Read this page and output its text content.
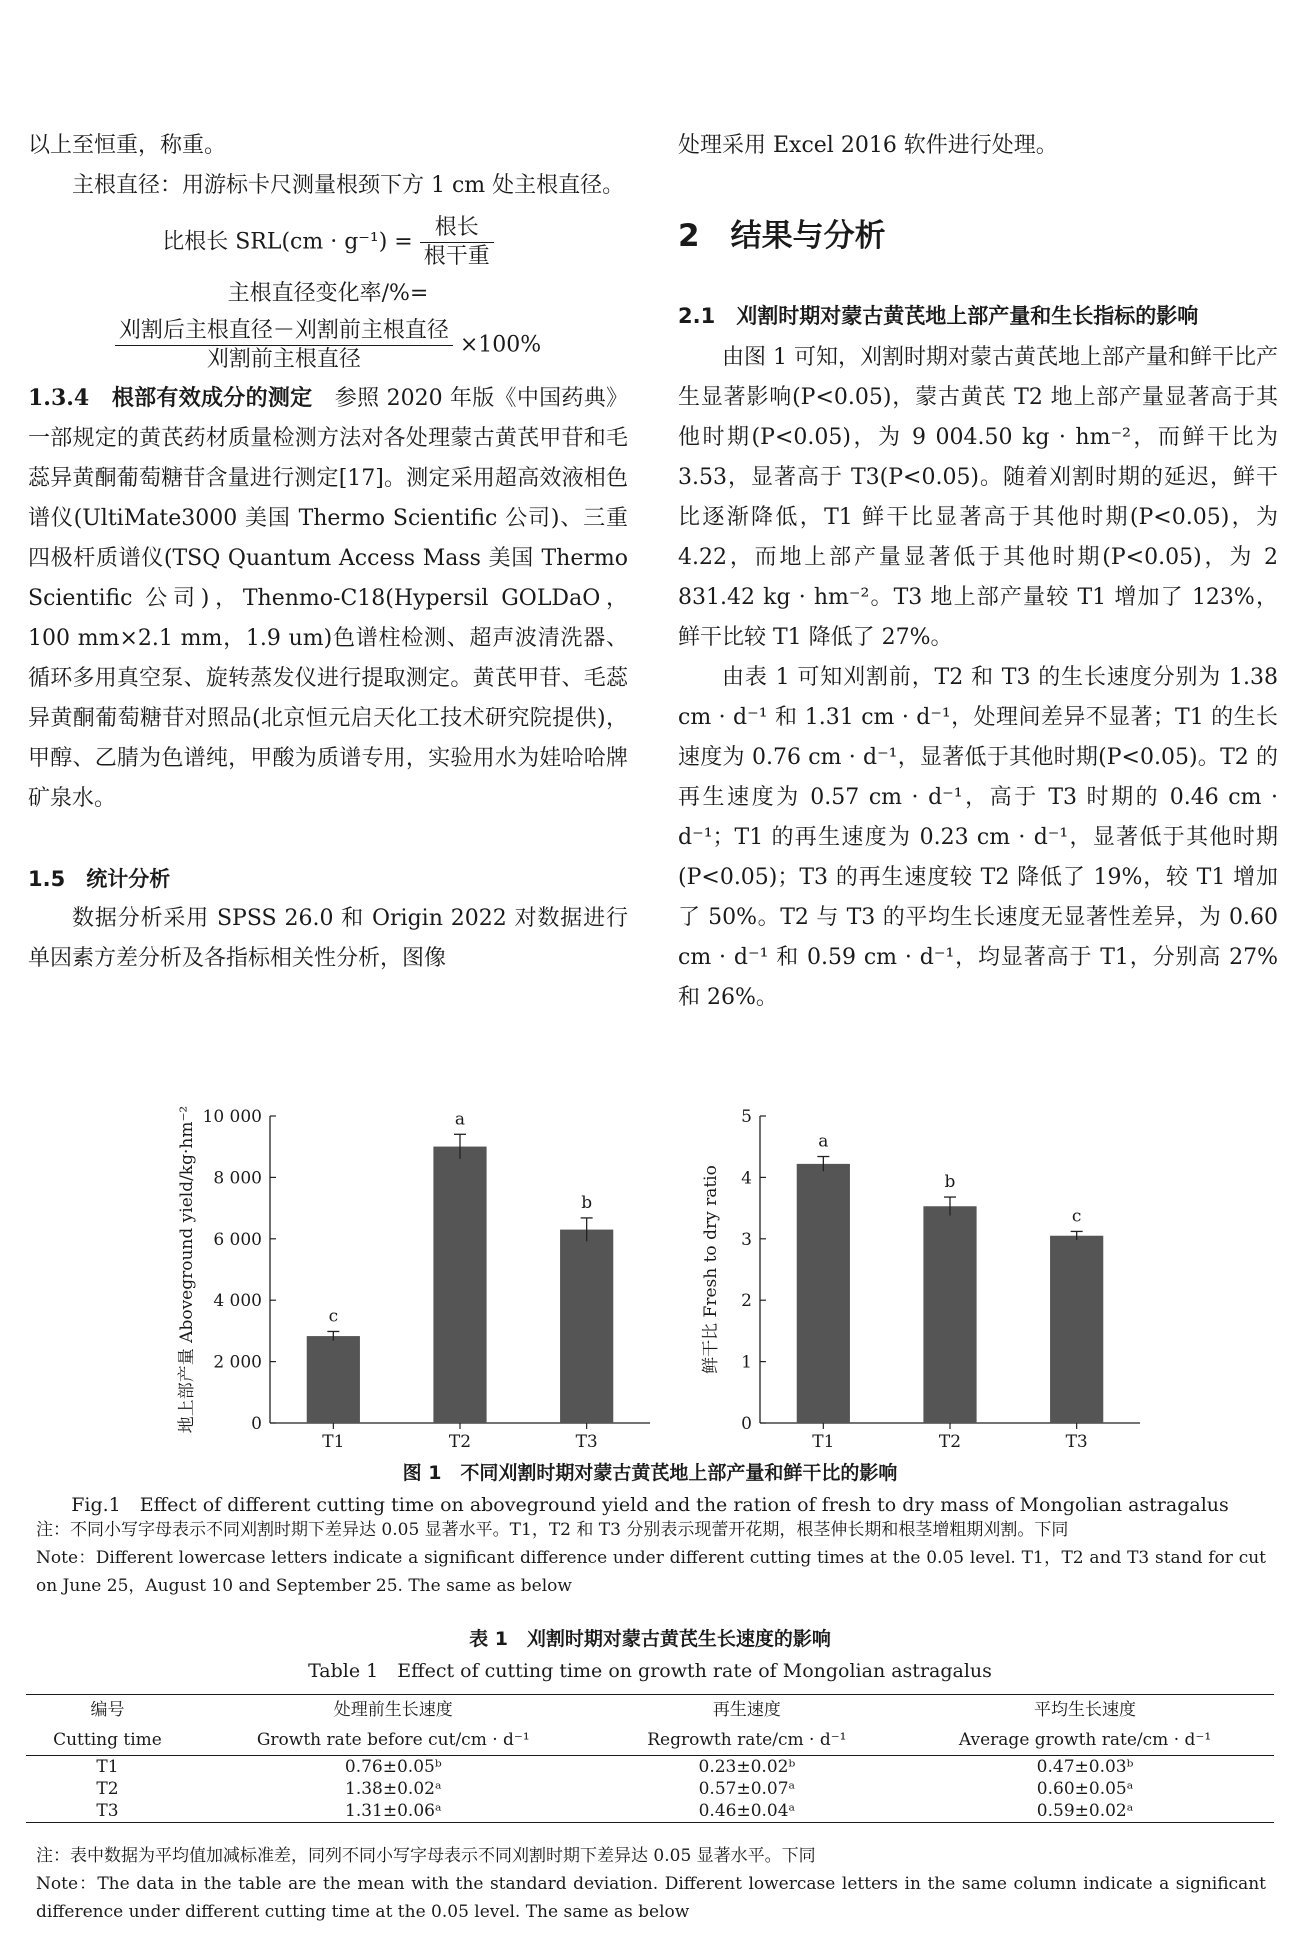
以上至恒重，称重。

主根直径：用游标卡尺测量根颈下方 1 cm 处主根直径。

比根长 $SRL(cm \cdot g^{-1}) = \frac{\text{根长}}{\text{根干重}}$
主根直径变化率/%=
$\frac{\text{刈割后主根直径－刈割前主根直径}}{\text{刈割前主根直径}} \times 100\%$

1.3.4　根部有效成分的测定　参照 2020 年版《中国药典》一部规定的黄芪药材质量检测方法对各处理蒙古黄芪甲苷和毛蕊异黄酮葡萄糖苷含量进行测定[17]。测定采用超高效液相色谱仪(UltiMate3000 美国 Thermo Scientific 公司)、三重四极杆质谱仪(TSQ Quantum Access Mass 美国 Thermo Scientific 公司)，Thenmo-C18(Hypersil GOLDaO，100 mm×2.1 mm，1.9 um)色谱柱检测、超声波清洗器、循环多用真空泵、旋转蒸发仪进行提取测定。黄芪甲苷、毛蕊异黄酮葡萄糖苷对照品(北京恒元启天化工技术研究院提供)，甲醇、乙腈为色谱纯，甲酸为质谱专用，实验用水为娃哈哈牌矿泉水。

1.5　统计分析

数据分析采用 SPSS 26.0 和 Origin 2022 对数据进行单因素方差分析及各指标相关性分析，图像

处理采用 Excel 2016 软件进行处理。

2　结果与分析
2.1　刈割时期对蒙古黄芪地上部产量和生长指标的影响

由图 1 可知，刈割时期对蒙古黄芪地上部产量和鲜干比产生显著影响(P<0.05)，蒙古黄芪 T2 地上部产量显著高于其他时期(P<0.05)，为 9 004.50 kg · hm⁻²，而鲜干比为 3.53，显著高于 T3(P<0.05)。随着刈割时期的延迟，鲜干比逐渐降低，T1 鲜干比显著高于其他时期(P<0.05)，为 4.22，而地上部产量显著低于其他时期(P<0.05)，为 2 831.42 kg · hm⁻²。T3 地上部产量较 T1 增加了 123%，鲜干比较 T1 降低了 27%。

由表 1 可知刈割前，T2 和 T3 的生长速度分别为 1.38 cm · d⁻¹ 和 1.31 cm · d⁻¹，处理间差异不显著；T1 的生长速度为 0.76 cm · d⁻¹，显著低于其他时期(P<0.05)。T2 的再生速度为 0.57 cm · d⁻¹，高于 T3 时期的 0.46 cm · d⁻¹；T1 的再生速度为 0.23 cm · d⁻¹，显著低于其他时期(P<0.05)；T3 的再生速度较 T2 降低了 19%，较 T1 增加了 50%。T2 与 T3 的平均生长速度无显著性差异，为 0.60 cm · d⁻¹ 和 0.59 cm · d⁻¹，均显著高于 T1，分别高 27% 和 26%。

0
2 000
4 000
6 000
8 000
10 000
c
T1
a
T2
b
T3
地上部产量 Aboveground yield/kg·hm⁻²	0
1
2
3
4
5
a
T1
b
T2
c
T3
鲜干比 Fresh to dry ratio
图 1　不同刈割时期对蒙古黄芪地上部产量和鲜干比的影响
Fig.1　Effect of different cutting time on aboveground yield and the ration of fresh to dry mass of Mongolian astragalus
注：不同小写字母表示不同刈割时期下差异达 0.05 显著水平。T1，T2 和 T3 分别表示现蕾开花期，根茎伸长期和根茎增粗期刈割。下同
Note：Different lowercase letters indicate a significant difference under different cutting times at the 0.05 level. T1，T2 and T3 stand for cut on June 25，August 10 and September 25. The same as below
表 1　刈割时期对蒙古黄芪生长速度的影响
Table 1　Effect of cutting time on growth rate of Mongolian astragalus
编号	处理前生长速度	再生速度	平均生长速度
Cutting time	Growth rate before cut/cm · d⁻¹	Regrowth rate/cm · d⁻¹	Average growth rate/cm · d⁻¹
T1	0.76±0.05ᵇ	0.23±0.02ᵇ	0.47±0.03ᵇ
T2	1.38±0.02ᵃ	0.57±0.07ᵃ	0.60±0.05ᵃ
T3	1.31±0.06ᵃ	0.46±0.04ᵃ	0.59±0.02ᵃ
注：表中数据为平均值加减标准差，同列不同小写字母表示不同刈割时期下差异达 0.05 显著水平。下同
Note：The data in the table are the mean with the standard deviation. Different lowercase letters in the same column indicate a significant difference under different cutting time at the 0.05 level. The same as below
